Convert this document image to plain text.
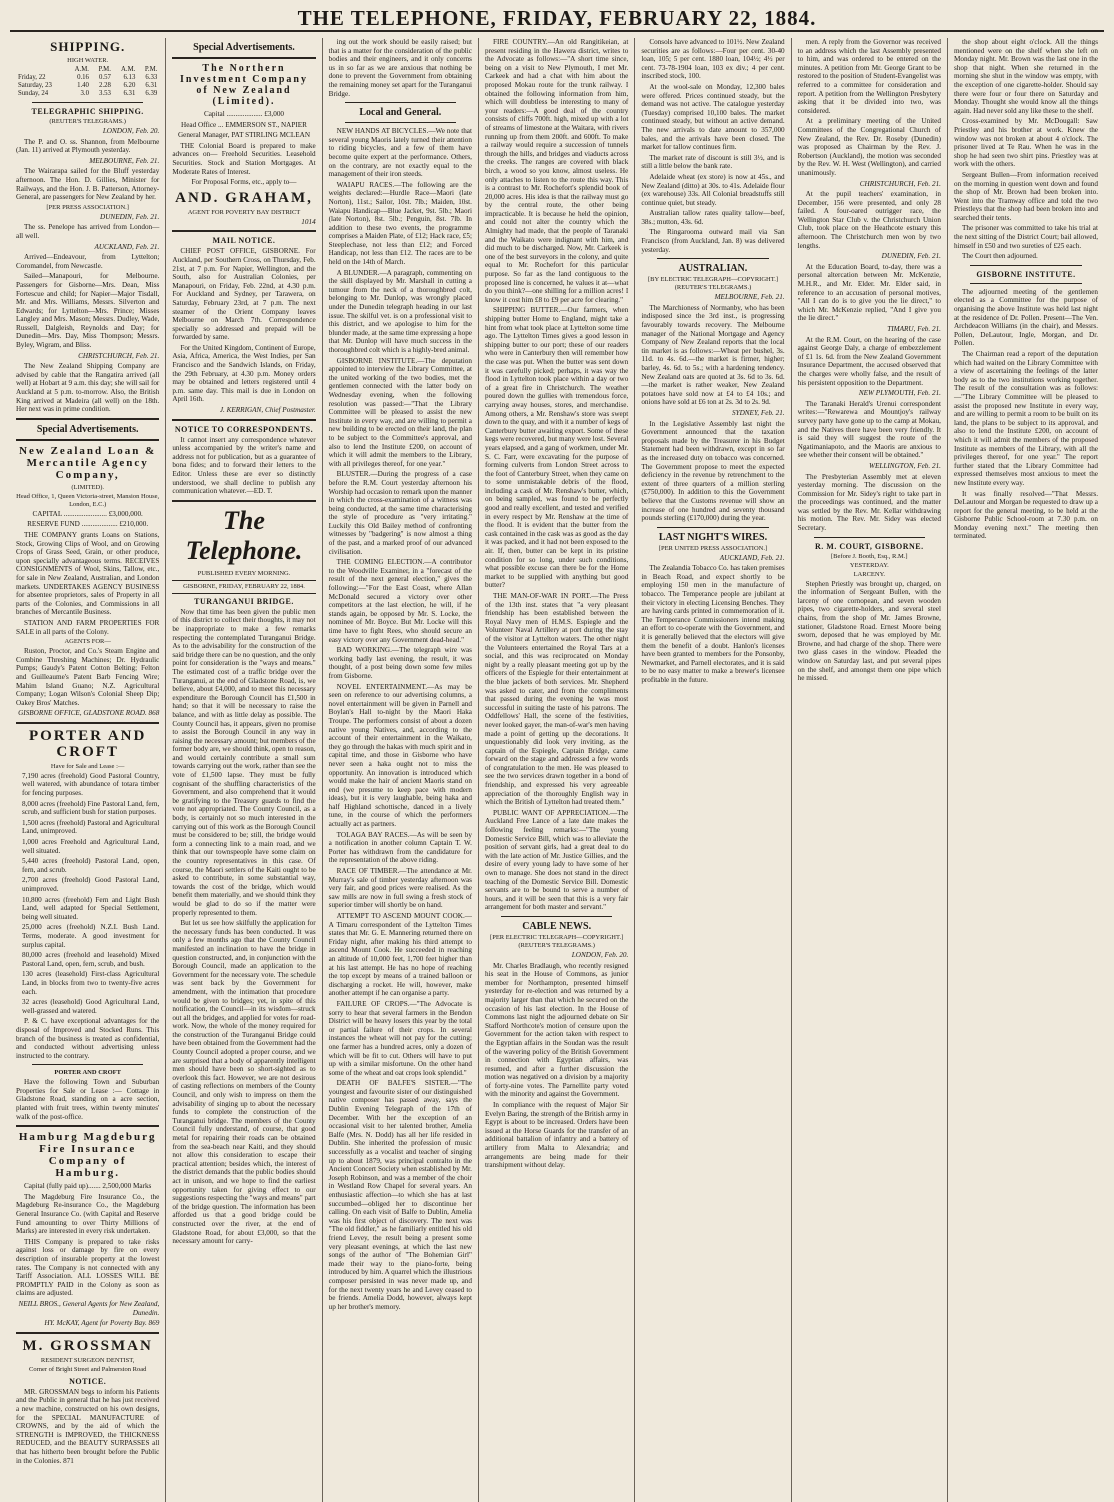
THE TELEPHONE, FRIDAY, FEBRUARY 22, 1884.
SHIPPING.
HIGH WATER.
	A.M.	P.M.	A.M.	P.M.
Friday, 22	0.16	0.57	6.13	6.33
Saturday, 23	1.40	2.28	6.20	6.31
Sunday, 24	3.0	3.53	6.31	6.39
TELEGRAPHIC SHIPPING.
(REUTER'S TELEGRAMS.)

LONDON, Feb. 20.

The P. and O. ss. Shannon, from Melbourne (Jan. 11) arrived at Plymouth yesterday.

MELBOURNE, Feb. 21.

The Wairarapa sailed for the Bluff yesterday afternoon. The Hon. D. Gillies, Minister for Railways, and the Hon. J. B. Patterson, Attorney-General, are passengers for New Zealand by her.

[PER PRESS ASSOCIATION.]

DUNEDIN, Feb. 21.

The ss. Penelope has arrived from London—all well.

AUCKLAND, Feb. 21.

Arrived—Endeavour, from Lyttelton; Coromandel, from Newcastle.

Sailed—Manapouri, for Melbourne. Passengers for Gisborne—Mrs. Dean, Miss Fortescue and child; for Napier—Major Tisdall, Mr. and Mrs. Williams, Messrs. Silverton and Edwards; for Lyttelton—Mrs. Prince; Misses Langley and Mrs. Mason; Messrs. Dudley, Wade, Russell, Dalgleish, Reynolds and Day; for Dunedin—Mrs. Day, Miss Thompson; Messrs. Byley, Wigram, and Bliss.

CHRISTCHURCH, Feb. 21.

The New Zealand Shipping Company are advised by cable that the Rangatira arrived (all well) at Hobart at 9 a.m. this day; she will sail for Auckland at 5 p.m. to-morrow. Also, the British King arrived at Madeira (all well) on the 18th. Her next was in prime condition.

Special Advertisements.
New Zealand Loan & Mercantile Agency Company,
(LIMITED).
Head Office, 1, Queen Victoria-street, Mansion House, London, E.C.)

CAPITAL ........................ £3,000,000.

RESERVE FUND .................... £210,000.

THE COMPANY grants Loans on Stations, Stock, Growing Clips of Wool, and on Growing Crops of Grass Seed, Grain, or other produce, upon specially advantageous terms. RECEIVES CONSIGNMENTS of Wool, Skins, Tallow, etc., for sale in New Zealand, Australian, and London markets. UNDERTAKES AGENCY BUSINESS for absentee proprietors, sales of Property in all parts of the Colonies, and Commissions in all branches of Mercantile Business.

STATION AND FARM PROPERTIES FOR SALE in all parts of the Colony.

AGENTS FOR—

Ruston, Proctor, and Co.'s Steam Engine and Combine Threshing Machines; Dr. Hydraulic Pumps; Gaudy's Patent Cotton Belting; Felton and Guilleaume's Patent Barb Fencing Wire; Mahim Island Guano; N.Z. Agricultural Company; Logan Wilson's Colonial Sheep Dip; Oakey Bros' Matches.

GISBORNE OFFICE, GLADSTONE ROAD. 868

PORTER AND CROFT
Have for Sale and Lease :—

7,190 acres (freehold) Good Pastoral Country, well watered, with abundance of totara timber for fencing purposes.

8,000 acres (freehold) Fine Pastoral Land, fern, scrub, and sufficient bush for station purposes.

1,500 acres (freehold) Pastoral and Agricultural Land, unimproved.

1,000 acres Freehold and Agricultural Land, well situated.

5,440 acres (freehold) Pastoral Land, open, fern, and scrub.

2,700 acres (freehold) Good Pastoral Land, unimproved.

10,800 acres (freehold) Fern and Light Bush Land, well adapted for Special Settlement, being well situated.

25,000 acres (freehold) N.Z.I. Bush Land. Terms, moderate. A good investment for surplus capital.

80,000 acres (freehold and leasehold) Mixed Pastoral Land, open, fern, scrub, and bush.

130 acres (leasehold) First-class Agricultural Land, in blocks from two to twenty-five acres each.

32 acres (leasehold) Good Agricultural Land, well-grassed and watered.

P. & C. have exceptional advantages for the disposal of Improved and Stocked Runs. This branch of the business is treated as confidential, and conducted without advertising unless instructed to the contrary.

PORTER AND CROFT

Have the following Town and Suburban Properties for Sale or Lease :— Cottage in Gladstone Road, standing on a acre section, planted with fruit trees, within twenty minutes' walk of the post-office.

Hamburg Magdeburg Fire Insurance Company of Hamburg.

Capital (fully paid up)....... 2,500,000 Marks

The Magdeburg Fire Insurance Co., the Magdeburg Re-insurance Co., the Magdeburg General Insurance Co. (with Capital and Reserve Fund amounting to over Thirty Millions of Marks) are interested in every risk undertaken.

THIS Company is prepared to take risks against loss or damage by fire on every description of insurable property at the lowest rates. The Company is not connected with any Tariff Association. ALL LOSSES WILL BE PROMPTLY PAID in the Colony as soon as claims are adjusted.

NEILL BROS., General Agents for New Zealand, Dunedin.

HY. McKAY, Agent for Poverty Bay. 869

M. GROSSMAN
RESIDENT SURGEON DENTIST,
Corner of Bright Street and Palmerston Road
NOTICE.

MR. GROSSMAN begs to inform his Patients and the Public in general that he has just received a new machine, constructed on his own designs, for the SPECIAL MANUFACTURE of CROWNS, and by the aid of which the STRENGTH is IMPROVED, the THICKNESS REDUCED, and the BEAUTY SURPASSES all that has hitherto been brought before the Public in the Colonies. 871

Special Advertisements.
The Northern Investment Company of New Zealand (Limited).

Capital .................... £3,000

Head Office ... EMMERSON ST., NAPIER

General Manager, PAT STIRLING MCLEAN

THE Colonial Board is prepared to make advances on— Freehold Securities. Leasehold Securities. Stock and Station Mortgages. At Moderate Rates of Interest.

For Proposal Forms, etc., apply to—

AND. GRAHAM,
AGENT FOR POVERTY BAY DISTRICT

1014

MAIL NOTICE.

CHIEF POST OFFICE, GISBORNE. For Auckland, per Southern Cross, on Thursday, Feb. 21st, at 7 p.m. For Napier, Wellington, and the South, also for Australian Colonies, per Manapouri, on Friday, Feb. 22nd, at 4.30 p.m. For Auckland and Sydney, per Tarawera, on Saturday, February 23rd, at 7 p.m. The next steamer of the Orient Company leaves Melbourne on March 7th. Correspondence specially so addressed and prepaid will be forwarded by same.

For the United Kingdom, Continent of Europe, Asia, Africa, America, the West Indies, per San Francisco and the Sandwich Islands, on Friday, the 29th February, at 4.30 p.m. Money orders may be obtained and letters registered until 4 p.m. same day. This mail is due in London on April 16th.

J. KERRIGAN, Chief Postmaster.

NOTICE TO CORRESPONDENTS.

It cannot insert any correspondence whatever unless accompanied by the writer's name and address not for publication, but as a guarantee of bona fides; and to forward their letters to the Editor. Unless these are ever so distinctly understood, we shall decline to publish any communication whatever.—ED. T.

The Telephone.
PUBLISHED EVERY MORNING.
GISBORNE, FRIDAY, FEBRUARY 22, 1884.
TURANGANUI BRIDGE.

Now that time has been given the public men of this district to collect their thoughts, it may not be inappropriate to make a few remarks respecting the contemplated Turanganui Bridge. As to the advisability for the construction of the said bridge there can be no question, and the only point for consideration is the "ways and means." The estimated cost of a traffic bridge over the Turanganui, at the end of Gladstone Road, is, we believe, about £4,000, and to meet this necessary expenditure the Borough Council has £1,500 in hand; so that it will be necessary to raise the balance, and with as little delay as possible. The County Council has, it appears, given no promise to assist the Borough Council in any way in raising the necessary amount; but members of the former body are, we should think, open to reason, and would certainly contribute a small sum towards carrying out the work, rather than see the vote of £1,500 lapse. They must be fully cognisant of the shuffling characteristics of the Government, and also comprehend that it would be gratifying to the Treasury guards to find the vote not appropriated. The County Council, as a body, is certainly not so much interested in the carrying out of this work as the Borough Council must be considered to be; still, the bridge would form a connecting link to a main road, and we think that our townspeople have some claim on the country representatives in this case. Of course, the Maori settlers of the Kaiti ought to be asked to contribute, in some substantial way, towards the cost of the bridge, which would benefit them materially, and we should think they would be glad to do so if the matter were properly represented to them.

But let us see how skilfully the application for the necessary funds has been conducted. It was only a few months ago that the County Council manifested an inclination to have the bridge in question constructed, and, in conjunction with the Borough Council, made an application to the Government for the necessary vote. The schedule was sent back by the Government for amendment, with the intimation that procedure would be given to bridges; yet, in spite of this notification, the Council—in its wisdom—struck out all the bridges, and applied for votes for road-work. Now, the whole of the money required for the construction of the Turanganui Bridge could have been obtained from the Government had the County Council adopted a proper course, and we are surprised that a body of apparently intelligent men should have been so short-sighted as to overlook this fact. However, we are not desirous of casting reflections on members of the County Council, and only wish to impress on them the advisability of singing up to about the necessary funds to complete the construction of the Turanganui bridge. The members of the County Council fully understand, of course, that good metal for repairing their roads can be obtained from the sea-beach near Kaiti, and they should not allow this consideration to escape their practical attention; besides which, the interest of the district demands that the public bodies should act in unison, and we hope to find the earliest opportunity taken for giving effect to our suggestions respecting the "ways and means" part of the bridge question. The information has been afforded us that a good bridge could be constructed over the river, at the end of Gladstone Road, for about £3,000, so that the necessary amount for carry-

ing out the work should be easily raised; but that is a matter for the consideration of the public bodies and their engineers, and it only concerns us in so far as we are anxious that nothing be done to prevent the Government from obtaining the remaining money set apart for the Turanganui Bridge.

Local and General.

NEW HANDS AT BICYCLES.—We note that several young Maoris lately turned their attention to riding bicycles, and a few of them have become quite expert at the performance. Others, on the contrary, are not exactly equal to the management of their iron steeds.

WAIAPU RACES.—The following are the weights declared:—Hurdle Race—Maori (late Norton), 11st.; Sailor, 10st. 7lb.; Maiden, 10st. Waiapu Handicap—Blue Jacket, 9st. 5lb.; Maori (late Norton), 8st. 5lb.; Penguin, 8st. 7lb. In addition to these two events, the programme comprises a Maiden Plate, of £12; Hack race, £5; Steeplechase, not less than £12; and Forced Handicap, not less than £12. The races are to be held on the 14th of March.

A BLUNDER.—A paragraph, commenting on the skill displayed by Mr. Marshall in cutting a tumour from the neck of a thoroughbred colt, belonging to Mr. Dunlop, was wrongly placed under the Dunedin telegraph heading in our last issue. The skilful vet. is on a professional visit to this district, and we apologise to him for the blunder made, at the same time expressing a hope that Mr. Dunlop will have much success in the thoroughbred colt which is a highly-bred animal.

GISBORNE INSTITUTE.—The deputation appointed to interview the Library Committee, at the united working of the two bodies, met the gentlemen connected with the latter body on Wednesday evening, when the following resolution was passed:—"That the Library Committee will be pleased to assist the new Institute in every way, and are willing to permit a new building to be erected on their land, the plan to be subject to the Committee's approval, and also to lend the Institute £200, on account of which it will admit the members to the Library, with all privileges thereof, for one year."

BLUSTER.—During the progress of a case before the R.M. Court yesterday afternoon his Worship had occasion to remark upon the manner in which the cross-examination of a witness was being conducted, at the same time characterising the style of procedure as "very irritating." Luckily this Old Bailey method of confronting witnesses by "badgering" is now almost a thing of the past, and a marked proof of our advanced civilisation.

THE COMING ELECTION.—A contributor to the Woodville Examiner, in a "forecast of the result of the next general election," gives the following:—"For the East Coast, where Allan McDonald secured a victory over other competitors at the last election, he will, if he stands again, be opposed by Mr. S. Locke, the nominee of Mr. Boyce. But Mr. Locke will this time have to fight Rees, who should secure an easy victory over any Government dead-head."

BAD WORKING.—The telegraph wire was working badly last evening, the result, it was thought, of a post being down some few miles from Gisborne.

NOVEL ENTERTAINMENT.—As may be seen on reference to our advertising columns, a novel entertainment will be given in Parnell and Boylan's Hall to-night by the Maori Haka Troupe. The performers consist of about a dozen native young Natives, and, according to the account of their entertainment in the Waikato, they go through the hakas with much spirit and in capital time, and those in Gisborne who have never seen a haka ought not to miss the opportunity. An innovation is introduced which would make the hair of ancient Maoris stand on end (we presume to keep pace with modern ideas), but it is very laughable, being haka and half Highland schottische, danced in a lively tune, in the course of which the performers actually act as partners.

TOLAGA BAY RACES.—As will be seen by a notification in another column Captain T. W. Porter has withdrawn from the candidature for the representation of the above riding.

RACE OF TIMBER.—The attendance at Mr. Murray's sale of timber yesterday afternoon was very fair, and good prices were realised. As the saw mills are now in full swing a fresh stock of superior timber will shortly be on hand.

ATTEMPT TO ASCEND MOUNT COOK.—A Timaru correspondent of the Lyttelton Times states that Mr. G. E. Mannering returned there on Friday night, after making his third attempt to ascend Mount Cook. He succeeded in reaching an altitude of 10,000 feet, 1,700 feet higher than at his last attempt. He has no hope of reaching the top except by means of a trained balloon or discharging a rocket. He will, however, make another attempt if he can organise a party.

FAILURE OF CROPS.—"The Advocate is sorry to hear that several farmers in the Bendon District will be heavy losers this year by the total or partial failure of their crops. In several instances the wheat will not pay for the cutting; one farmer has a hundred acres, only a dozen of which will be fit to cut. Others will have to put up with a similar misfortune. On the other hand some of the wheat and oat crops look splendid."

DEATH OF BALFE'S SISTER.—"The youngest and favourite sister of our distinguished native composer has passed away, says the Dublin Evening Telegraph of the 17th of December. With her the exception of an occasional visit to her talented brother, Amelia Balfe (Mrs. N. Dodd) has all her life resided in Dublin. She inherited the profession of music successfully as a vocalist and teacher of singing up to about 1879, was principal contralto in the Ancient Concert Society when established by Mr. Joseph Robinson, and was a member of the choir in Westland Row Chapel for several years. An enthusiastic affection—to which she has at last succumbed—obliged her to discontinue her calling. On each visit of Balfe to Dublin, Amelia was his first object of discovery. The next was "The old fiddler," as he familiarly entitled his old friend Levey, the result being a present some very pleasant evenings, at which the last new songs of the author of "The Bohemian Girl" made their way to the piano-forte, being introduced by him. A quarrel which the illustrious composer persisted in was never made up, and for the next twenty years he and Levey ceased to be friends. Amelia Dodd, however, always kept up her brother's memory.

FIRE COUNTRY.—An old Rangitikeian, at present residing in the Hawera district, writes to the Advocate as follows:—"A short time since, being on a visit to New Plymouth, I met Mr. Carkeek and had a chat with him about the proposed Mokau route for the trunk railway. I obtained the following information from him, which will doubtless be interesting to many of your readers:—A good deal of the country consists of cliffs 700ft. high, mixed up with a lot of streams of limestone at the Waitara, with rivers running up from them 200ft. and 600ft. To make a railway would require a succession of tunnels through the hills, and bridges and viaducts across the creeks. The ranges are covered with black birch, a wood so you know, almost useless. He only attaches to listen to the route this way. This is a contrast to Mr. Rochefort's splendid book of 20,000 acres. His idea is that the railway must go by the central route, the other being impracticable. It is because he held the opinion, and could not alter the country which the Almighty had made, that the people of Taranaki and the Waikato were indignant with him, and did much to be discharged. Now, Mr. Carkeek is one of the best surveyors in the colony, and quite equal to Mr. Rochefort for this particular purpose. So far as the land contiguous to the proposed line is concerned, he values it at—what do you think?—one shilling for a million acres! I know it cost him £8 to £9 per acre for clearing."

SHIPPING BUTTER.—Our farmers, when shipping butter Home to England, might take a hint from what took place at Lyttelton some time ago. The Lyttelton Times gives a good lesson in shipping butter to our port; these of our readers who were in Canterbury then will remember how the case was put. When the butter was sent down it was carefully picked; perhaps, it was way the flood in Lyttelton took place within a day or two of a great fire in Christchurch. The weather poured down the gullies with tremendous force, carrying away houses, stores, and merchandise. Among others, a Mr. Renshaw's store was swept down to the quay, and with it a number of kegs of Canterbury butter awaiting export. Some of these kegs were recovered, but many were lost. Several years elapsed, and a gang of workmen, under Mr. S. C. Farr, were excavating for the purpose of forming culverts from London Street across to the foot of Canterbury Street, when they came on to some unmistakable debris of the flood, including a cask of Mr. Renshaw's butter, which, on being sampled, was found to be perfectly good and really excellent, and tested and verified in every respect by Mr. Renshaw at the time of the flood. It is evident that the butter from the cask contained in the cask was as good as the day it was packed, and it had not been exposed to the air. If, then, butter can be kept in its pristine condition for so long, under such conditions, what possible excuse can there be for the Home market to be supplied with anything but good butter?

THE MAN-OF-WAR IN PORT.—The Press of the 13th inst. states that "a very pleasant friendship has been established between the Royal Navy men of H.M.S. Espiegle and the Volunteer Naval Artillery at port during the stay of the visitor at Lyttelton waters. The other night the Volunteers entertained the Royal Tars at a social, and this was reciprocated on Monday night by a really pleasant meeting got up by the officers of the Espiegle for their entertainment at the blue jackets of both services. Mr. Shepherd was asked to cater, and from the compliments that passed during the evening he was most successful in suiting the taste of his patrons. The Oddfellows' Hall, the scene of the festivities, never looked gayer, the man-of-war's men having made a point of getting up the decorations. It unquestionably did look very inviting, as the captain of the Espiegle, Captain Bridge, came forward on the stage and addressed a few words of congratulation to the men. He was pleased to see the two services drawn together in a bond of friendship, and expressed his very agreeable appreciation of the thoroughly English way in which the British of Lyttelton had treated them."

PUBLIC WANT OF APPRECIATION.—The Auckland Free Lance of a late date makes the following feeling remarks:—"The young Domestic Service Bill, which was to alleviate the position of servant girls, had a great deal to do with the late action of Mr. Justice Gillies, and the desire of every young lady to have some of her own to manage. She does not stand in the direct teaching of the Domestic Service Bill. Domestic servants are to be bound to serve a number of hours, and it will be seen that this is a very fair arrangement for both master and servant."

CABLE NEWS.
[PER ELECTRIC TELEGRAPH—COPYRIGHT.] (REUTER'S TELEGRAMS.)

LONDON, Feb. 20.

Mr. Charles Bradlaugh, who recently resigned his seat in the House of Commons, as junior member for Northampton, presented himself yesterday for re-election and was returned by a majority larger than that which he secured on the occasion of his last election. In the House of Commons last night the adjourned debate on Sir Stafford Northcote's motion of censure upon the Government for the action taken with respect to the Egyptian affairs in the Soudan was the result of the wavering policy of the British Government in connection with Egyptian affairs, was resumed, and after a further discussion the motion was negatived on a division by a majority of forty-nine votes. The Parnellite party voted with the minority and against the Government.

In compliance with the request of Major Sir Evelyn Baring, the strength of the British army in Egypt is about to be increased. Orders have been issued at the Horse Guards for the transfer of an additional battalion of infantry and a battery of artillery from Malta to Alexandria; and arrangements are being made for their transhipment without delay.

Consols have advanced to 101½. New Zealand securities are as follows:—Four per cent. 30-40 loan, 105; 5 per cent. 1880 loan, 104½; 4½ per cent. 73-78-1904 loan, 103 ex div.; 4 per cent. inscribed stock, 100.

At the wool-sale on Monday, 12,300 bales were offered. Prices continued steady, but the demand was not active. The catalogue yesterday (Tuesday) comprised 10,100 bales. The market continued steady, but without an active demand. The new arrivals to date amount to 357,000 bales, and the arrivals have been closed. The market for tallow continues firm.

The market rate of discount is still 3½, and is still a little below the bank rate.

Adelaide wheat (ex store) is now at 45s., and New Zealand (ditto) at 30s. to 41s. Adelaide flour (ex warehouse) 33s. All Colonial breadstuffs still continue quiet, but steady.

Australian tallow rates quality tallow—beef, 38s.; mutton, 43s. 6d.

The Ringarooma outward mail via San Francisco (from Auckland, Jan. 8) was delivered yesterday.

AUSTRALIAN.
[BY ELECTRIC TELEGRAPH—COPYRIGHT.] (REUTER'S TELEGRAMS.)

MELBOURNE, Feb. 21.

The Marchioness of Normanby, who has been indisposed since the 3rd inst., is progressing favourably towards recovery. The Melbourne manager of the National Mortgage and Agency Company of New Zealand reports that the local tin market is as follows:—Wheat per bushel, 3s. 11d. to 4s. 6d.—the market is firmer, higher; barley, 4s. 6d. to 5s.; with a hardening tendency. New Zealand oats are quoted at 3s. 6d to 3s. 6d.—the market is rather weaker, New Zealand potatoes have sold now at £4 to £4 10s.; and onions have sold at £6 ton at 2s. 3d to 2s. 9d.

SYDNEY, Feb. 21.

In the Legislative Assembly last night the Government announced that the taxation proposals made by the Treasurer in his Budget Statement had been withdrawn, except in so far as the increased duty on tobacco was concerned. The Government propose to meet the expected deficiency in the revenue by retrenchment to the extent of three quarters of a million sterling (£750,000). In addition to this the Government believe that the Customs revenue will show an increase of one hundred and seventy thousand pounds sterling (£170,000) during the year.

LAST NIGHT'S WIRES.
[PER UNITED PRESS ASSOCIATION.]

AUCKLAND, Feb. 21.

The Zealandia Tobacco Co. has taken premises in Beach Road, and expect shortly to be employing 150 men in the manufacture of tobacco. The Temperance people are jubilant at their victory in electing Licensing Benches. They are having cards printed in commemoration of it. The Temperance Commissioners intend making an effort to co-operate with the Government, and it is generally believed that the electors will give them the benefit of a doubt. Hanlon's licenses have been granted to members for the Ponsonby, Newmarket, and Parnell electorates, and it is said to be no easy matter to make a brewer's licensee profitable in the future.

men. A reply from the Governor was received to an address which the last Assembly presented to him, and was ordered to be entered on the minutes. A petition from Mr. George Grant to be restored to the position of Student-Evangelist was referred to a committee for consideration and report. A petition from the Wellington Presbytery asking that it be divided into two, was considered.

At a preliminary meeting of the United Committees of the Congregational Church of New Zealand, the Rev. Dr. Roseby (Dunedin) was proposed as Chairman by the Rev. J. Robertson (Auckland), the motion was seconded by the Rev. W. H. West (Wellington), and carried unanimously.

CHRISTCHURCH, Feb. 21.

At the pupil teachers' examination, in December, 156 were presented, and only 28 failed. A four-oared outrigger race, the Wellington Star Club v. the Christchurch Union Club, took place on the Heathcote estuary this afternoon. The Christchurch men won by two lengths.

DUNEDIN, Feb. 21.

At the Education Board, to-day, there was a personal altercation between Mr. McKenzie, M.H.R., and Mr. Elder. Mr. Elder said, in reference to an accusation of personal motives, "All I can do is to give you the lie direct," to which Mr. McKenzie replied, "And I give you the lie direct."

TIMARU, Feb. 21.

At the R.M. Court, on the hearing of the case against George Daly, a charge of embezzlement of £1 1s. 6d. from the New Zealand Government Insurance Department, the accused observed that the charges were wholly false, and the result of his persistent opposition to the Department.

NEW PLYMOUTH, Feb. 21.

The Taranaki Herald's Urenui correspondent writes:—"Rewarewa and Mountjoy's railway survey party have gone up to the camp at Mokau, and the Natives there have been very friendly. It is said they will suggest the route of the Ngatimaniapoto, and the Maoris are anxious to see whether their consent will be obtained."

WELLINGTON, Feb. 21.

The Presbyterian Assembly met at eleven yesterday morning. The discussion on the Commission for Mr. Sidey's right to take part in the proceedings was continued, and the matter was settled by the Rev. Mr. Kellar withdrawing his motion. The Rev. Mr. Sidey was elected Secretary.

R. M. COURT, GISBORNE.
[Before J. Booth, Esq., R.M.]
YESTERDAY.
LARCENY.

Stephen Priestly was brought up, charged, on the information of Sergeant Bullen, with the larceny of one cornopean, and seven wooden pipes, two cigarette-holders, and several steel chains, from the shop of Mr. James Browne, stationer, Gladstone Road. Ernest Moore being sworn, deposed that he was employed by Mr. Browne, and had charge of the shop. There were two glass cases in the window. Pleaded the window on Saturday last, and put several pipes on the shelf, and amongst them one pipe which he missed.

the shop about eight o'clock. All the things mentioned were on the shelf when she left on Monday night. Mr. Brown was the last one in the shop that night. When she returned in the morning she shut in the window was empty, with the exception of one cigarette-holder. Should say there were four or four there on Saturday and Monday. Thought she would know all the things again. Had never sold any like these to the shelf.

Cross-examined by Mr. McDougall: Saw Priestley and his brother at work. Knew the window was not broken at about 4 o'clock. The prisoner lived at Te Rau. When he was in the shop he had seen two shirt pins. Priestley was at work with the others.

Sergeant Bullen—From information received on the morning in question went down and found the shop of Mr. Brown had been broken into. Went into the Tramway office and told the two Priestleys that the shop had been broken into and searched their tents.

The prisoner was committed to take his trial at the next sitting of the District Court; bail allowed, himself in £50 and two sureties of £25 each.

The Court then adjourned.

GISBORNE INSTITUTE.

The adjourned meeting of the gentlemen elected as a Committee for the purpose of organising the above Institute was held last night at the residence of Dr. Pollen. Present—The Ven. Archdeacon Williams (in the chair), and Messrs. Pollen, DeLautour, Ingle, Morgan, and Dr. Pollen.

The Chairman read a report of the deputation which had waited on the Library Committee with a view of ascertaining the feelings of the latter body as to the two institutions working together. The result of the consultation was as follows:—"The Library Committee will be pleased to assist the proposed new Institute in every way, and are willing to permit a room to be built on its land, the plans to be subject to its approval, and also to lend the Institute £200, on account of which it will admit the members of the proposed Institute as members of the Library, with all the privileges thereof, for one year." The report further stated that the Library Committee had expressed themselves most anxious to meet the new Institute every way.

It was finally resolved—"That Messrs. DeLautour and Morgan be requested to draw up a report for the general meeting, to be held at the Gisborne Public School-room at 7.30 p.m. on Monday evening next." The meeting then terminated.
